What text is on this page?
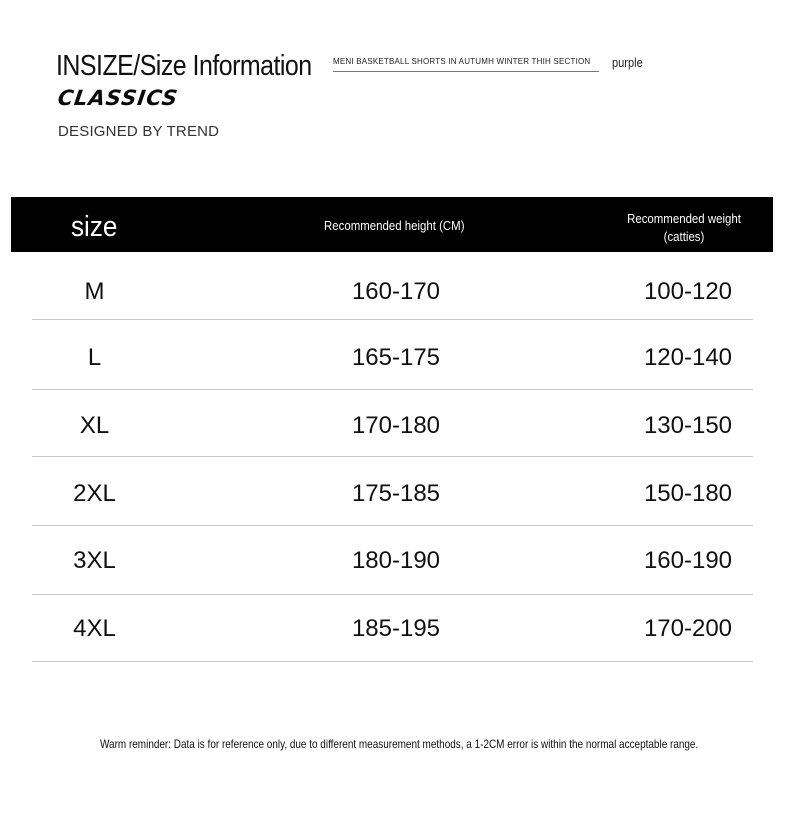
INSIZE/Size Information	MENI BASKETBALL SHORTS IN AUTUMH WINTER THIH SECTION	purple
CLASSICS
DESIGNED BY TREND
size	Recommended height (CM)	Recommended weight
(catties)
M	160-170	100-120
L	165-175	120-140
XL	170-180	130-150
2XL	175-185	150-180
3XL	180-190	160-190
4XL	185-195	170-200
Warm reminder: Data is for reference only, due to different measurement methods, a 1-2CM error is within the normal acceptable range.
